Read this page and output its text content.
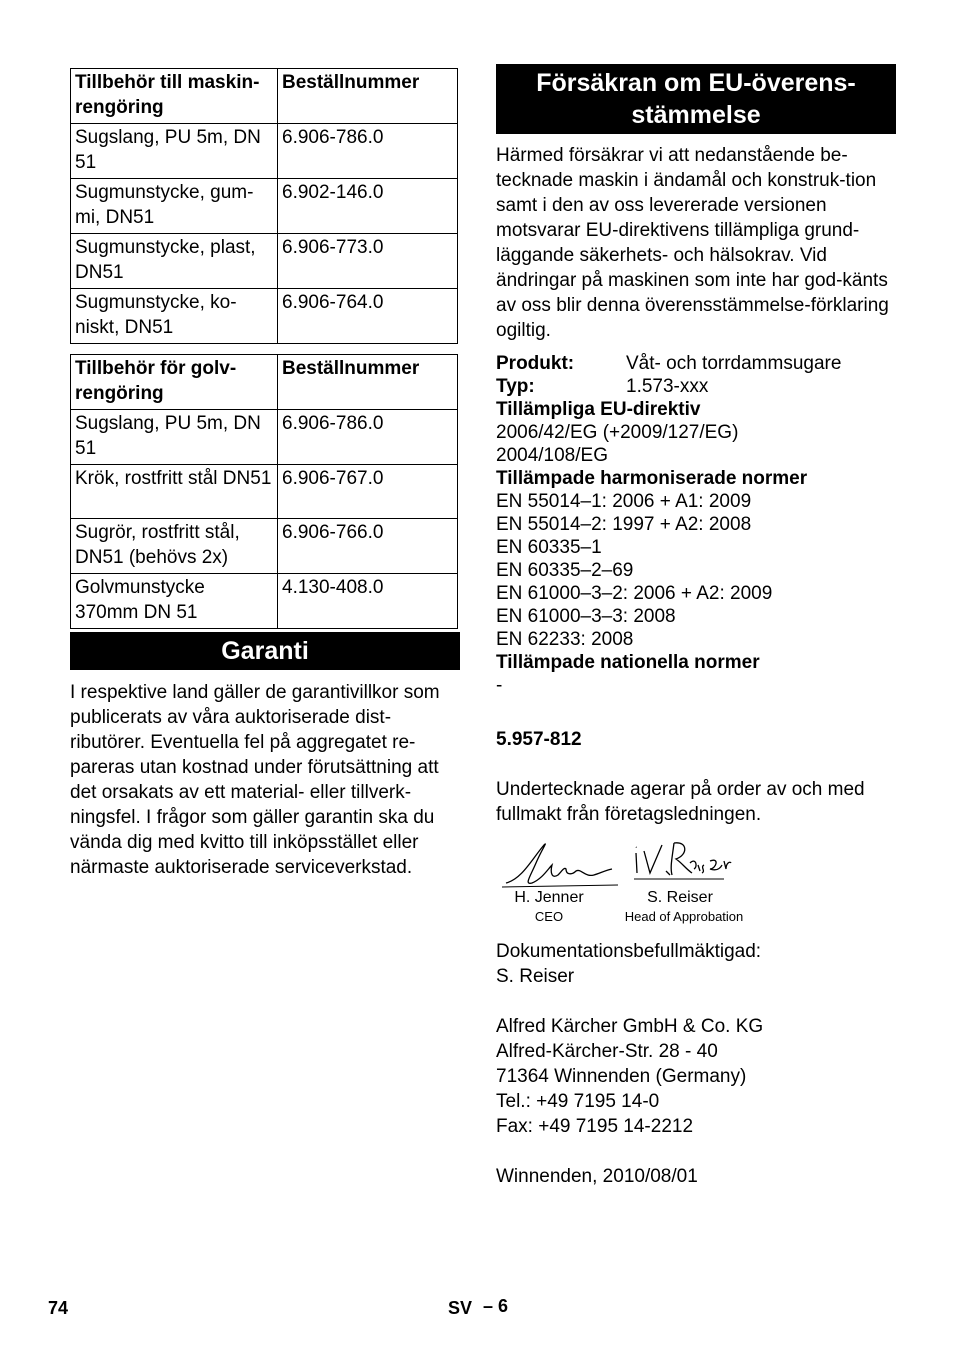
Tillbehör till maskin-rengöring	Beställnummer
Sugslang, PU 5m, DN 51	6.906-786.0
Sugmunstycke, gum-mi, DN51	6.902-146.0
Sugmunstycke, plast, DN51	6.906-773.0
Sugmunstycke, ko-niskt, DN51	6.906-764.0
Tillbehör för golv-rengöring	Beställnummer
Sugslang, PU 5m, DN 51	6.906-786.0
Krök, rostfritt stål DN51	6.906-767.0
Sugrör, rostfritt stål, DN51 (behövs 2x)	6.906-766.0
Golvmunstycke 370mm DN 51	4.130-408.0
Garanti

I respektive land gäller de garantivillkor som publicerats av våra auktoriserade dist-ributörer. Eventuella fel på aggregatet re-pareras utan kostnad under förutsättning att det orsakats av ett material- eller tillverk-ningsfel. I frågor som gäller garantin ska du vända dig med kvitto till inköpsstället eller närmaste auktoriserade serviceverkstad.

Försäkran om EU-överens-stämmelse

Härmed försäkrar vi att nedanstående be-tecknade maskin i ändamål och konstruk-tion samt i den av oss levererade versionen motsvarar EU-direktivens tillämpliga grund-läggande säkerhets- och hälsokrav. Vid ändringar på maskinen som inte har god-känts av oss blir denna överensstämmelse-förklaring ogiltig.

Produkt:	Våt- och torrdammsugare
Typ:	1.573-xxx
Tillämpliga EU-direktiv
2006/42/EG (+2009/127/EG)
2004/108/EG
Tillämpade harmoniserade normer
EN 55014–1: 2006 + A1: 2009
EN 55014–2: 1997 + A2: 2008
EN 60335–1
EN 60335–2–69
EN 61000–3–2: 2006 + A2: 2009
EN 61000–3–3: 2008
EN 62233: 2008
Tillämpade nationella normer
-
5.957-812

Undertecknade agerar på order av och med fullmakt från företagsledningen.

H. Jenner
CEO
S. Reiser
Head of Approbation

Dokumentationsbefullmäktigad:

S. Reiser

Alfred Kärcher GmbH & Co. KG

Alfred-Kärcher-Str. 28 - 40

71364 Winnenden (Germany)

Tel.: +49 7195 14-0

Fax: +49 7195 14-2212

Winnenden, 2010/08/01

74	SV – 6
